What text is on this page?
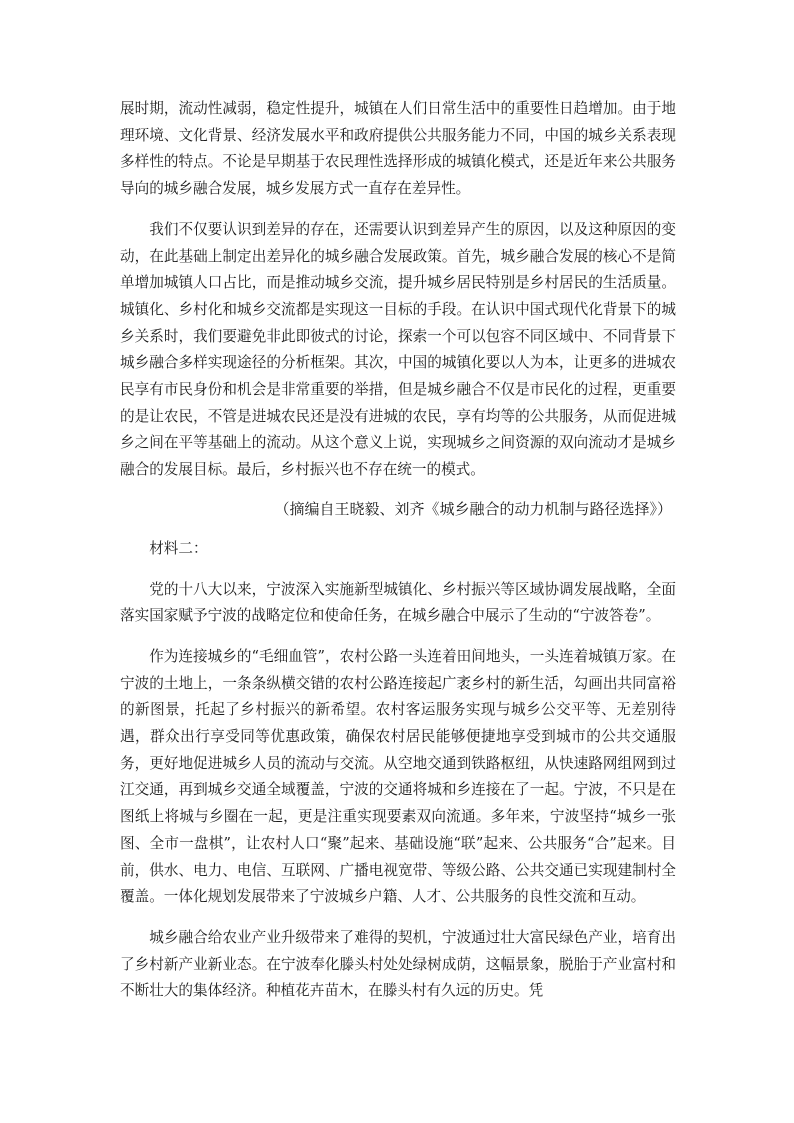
展时期，流动性减弱，稳定性提升，城镇在人们日常生活中的重要性日趋增加。由于地理环境、文化背景、经济发展水平和政府提供公共服务能力不同，中国的城乡关系表现多样性的特点。不论是早期基于农民理性选择形成的城镇化模式，还是近年来公共服务导向的城乡融合发展，城乡发展方式一直存在差异性。

我们不仅要认识到差异的存在，还需要认识到差异产生的原因，以及这种原因的变动，在此基础上制定出差异化的城乡融合发展政策。首先，城乡融合发展的核心不是简单增加城镇人口占比，而是推动城乡交流，提升城乡居民特别是乡村居民的生活质量。城镇化、乡村化和城乡交流都是实现这一目标的手段。在认识中国式现代化背景下的城乡关系时，我们要避免非此即彼式的讨论，探索一个可以包容不同区域中、不同背景下城乡融合多样实现途径的分析框架。其次，中国的城镇化要以人为本，让更多的进城农民享有市民身份和机会是非常重要的举措，但是城乡融合不仅是市民化的过程，更重要的是让农民，不管是进城农民还是没有进城的农民，享有均等的公共服务，从而促进城乡之间在平等基础上的流动。从这个意义上说，实现城乡之间资源的双向流动才是城乡融合的发展目标。最后，乡村振兴也不存在统一的模式。

（摘编自王晓毅、刘齐《城乡融合的动力机制与路径选择》）

材料二：

党的十八大以来，宁波深入实施新型城镇化、乡村振兴等区域协调发展战略，全面落实国家赋予宁波的战略定位和使命任务，在城乡融合中展示了生动的“宁波答卷”。

作为连接城乡的“毛细血管”，农村公路一头连着田间地头，一头连着城镇万家。在宁波的土地上，一条条纵横交错的农村公路连接起广袤乡村的新生活，勾画出共同富裕的新图景，托起了乡村振兴的新希望。农村客运服务实现与城乡公交平等、无差别待遇，群众出行享受同等优惠政策，确保农村居民能够便捷地享受到城市的公共交通服务，更好地促进城乡人员的流动与交流。从空地交通到铁路枢纽，从快速路网组网到过江交通，再到城乡交通全域覆盖，宁波的交通将城和乡连接在了一起。宁波，不只是在图纸上将城与乡圈在一起，更是注重实现要素双向流通。多年来，宁波坚持“城乡一张图、全市一盘棋”，让农村人口“聚”起来、基础设施“联”起来、公共服务“合”起来。目前，供水、电力、电信、互联网、广播电视宽带、等级公路、公共交通已实现建制村全覆盖。一体化规划发展带来了宁波城乡户籍、人才、公共服务的良性交流和互动。

城乡融合给农业产业升级带来了难得的契机，宁波通过壮大富民绿色产业，培育出了乡村新产业新业态。在宁波奉化滕头村处处绿树成荫，这幅景象，脱胎于产业富村和不断壮大的集体经济。种植花卉苗木，在滕头村有久远的历史。凭
